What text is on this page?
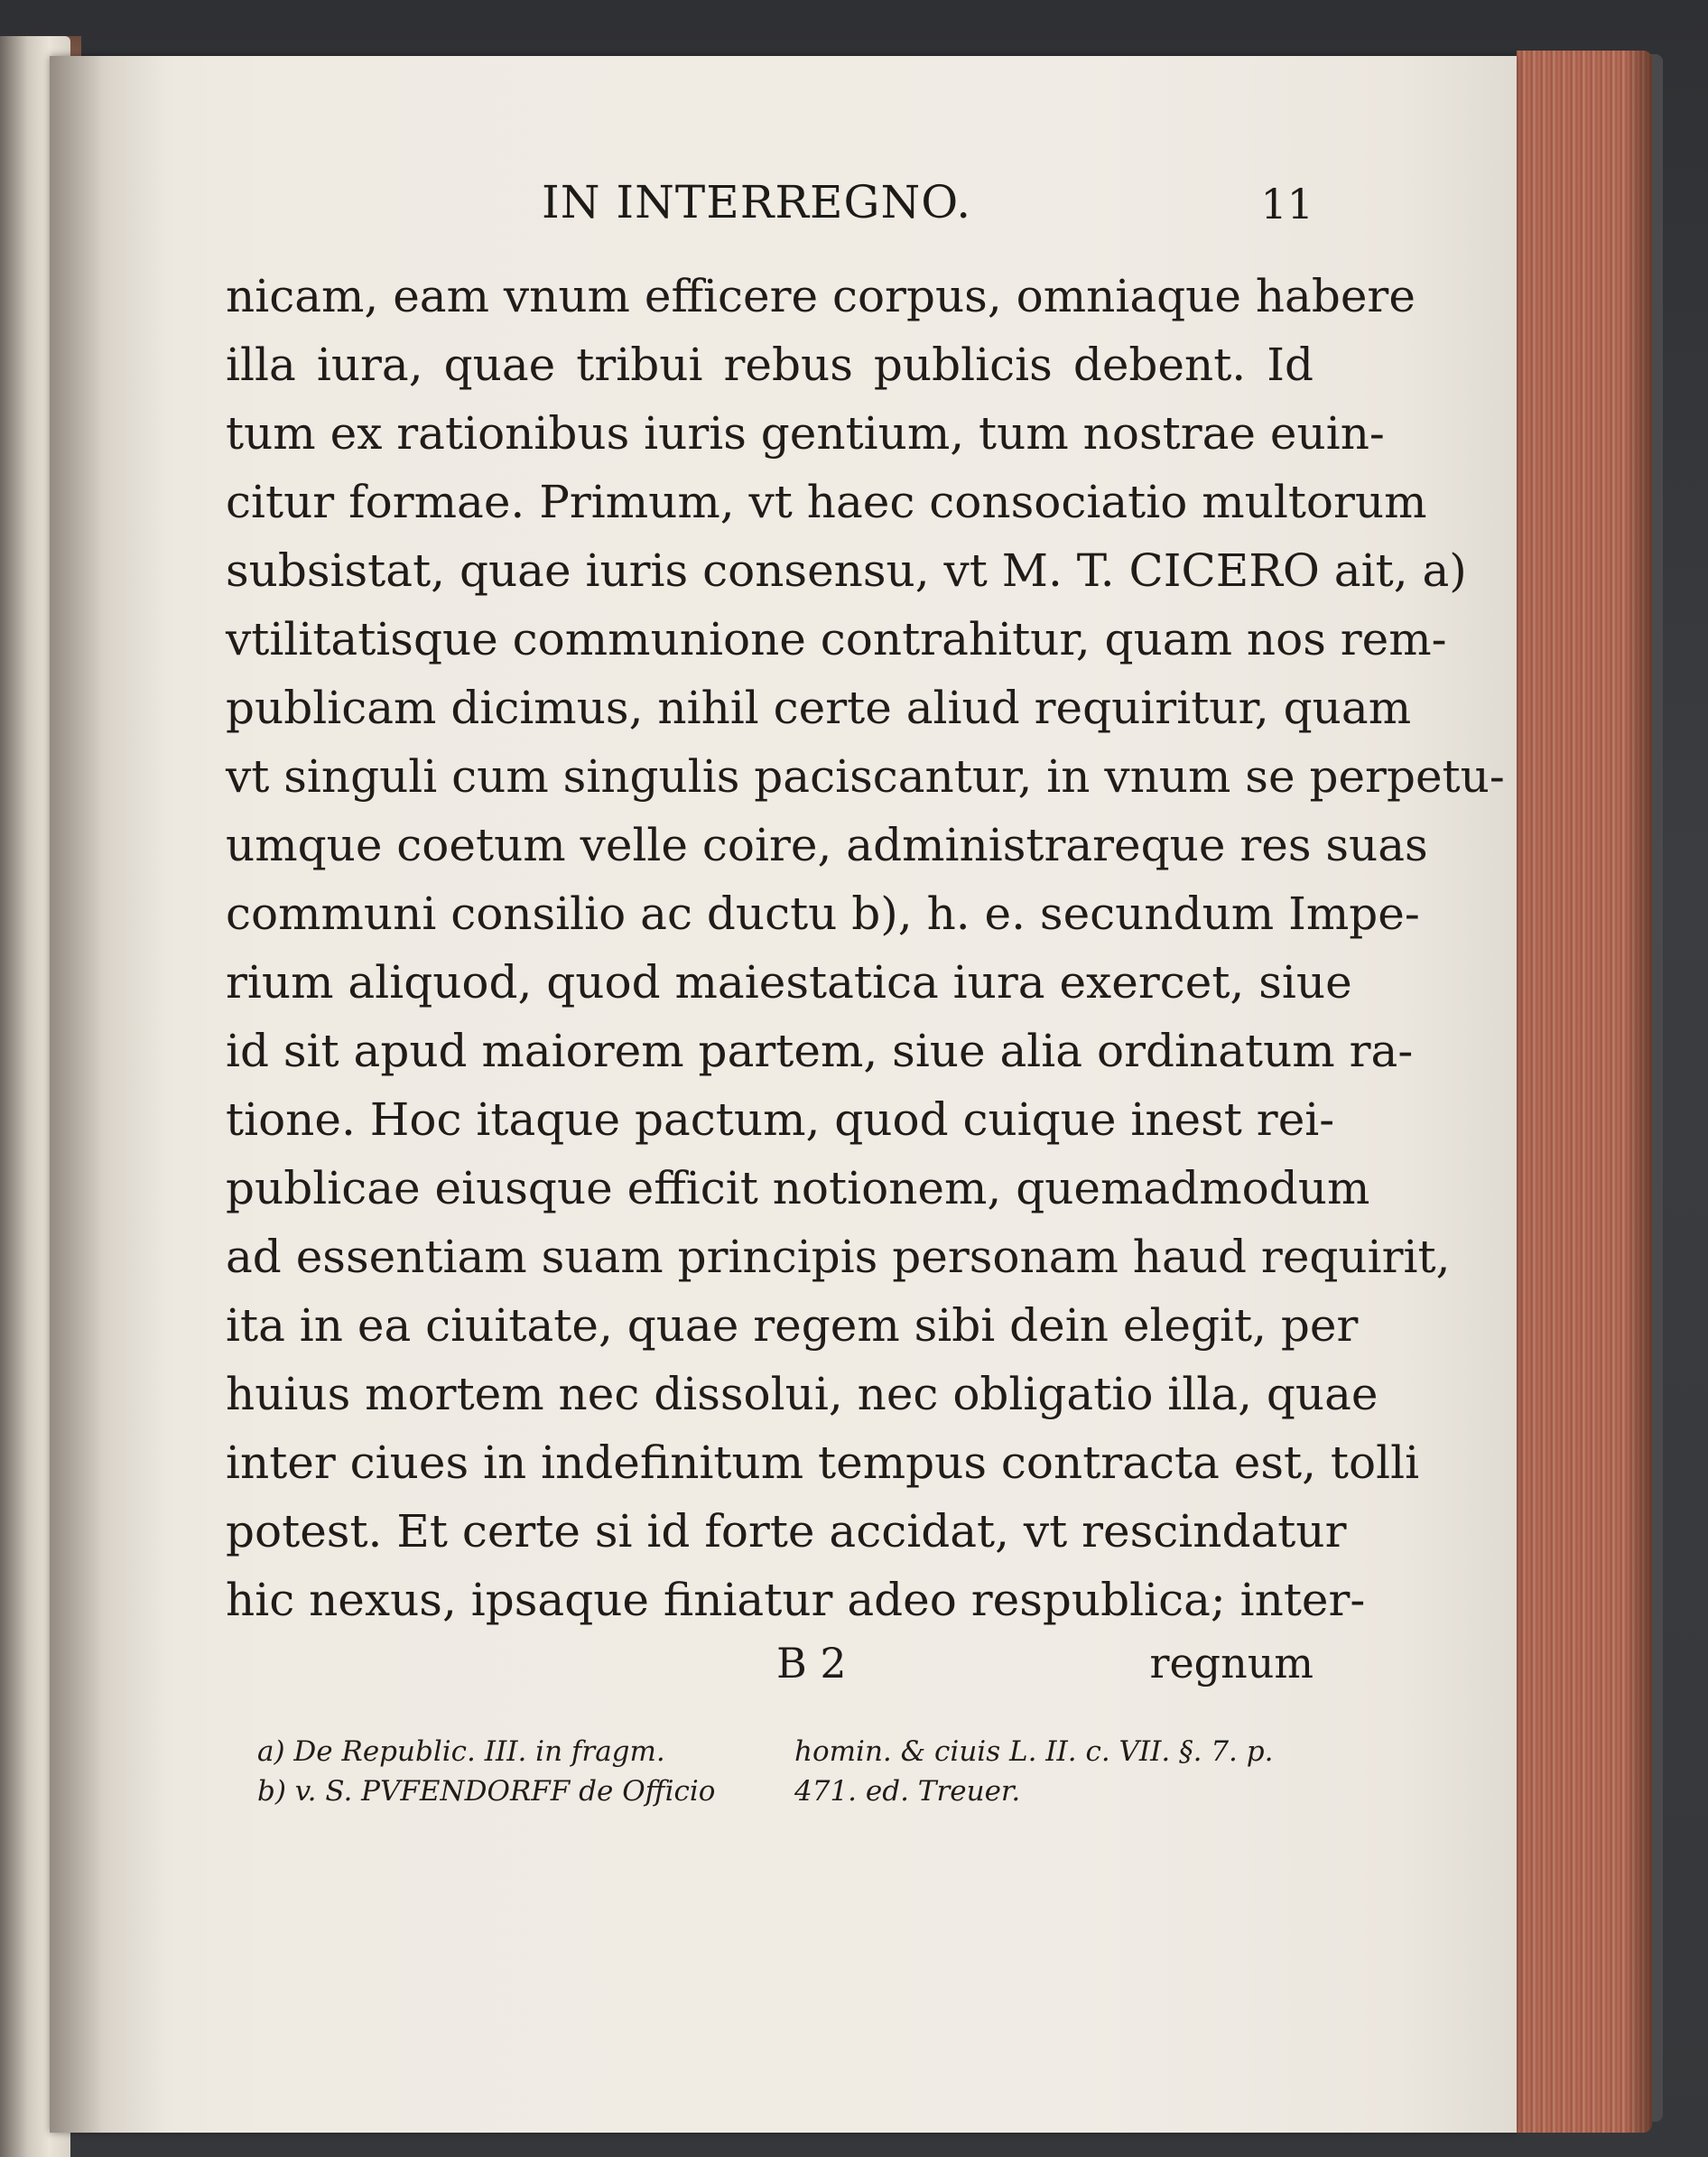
IN INTERREGNO.	11
nicam, eam vnum efficere corpus, omniaque habere
illa iura, quae tribui rebus publicis debent. Id
tum ex rationibus iuris gentium, tum nostrae euin-
citur formae. Primum, vt haec consociatio multorum
subsistat, quae iuris consensu, vt M. T. CICERO ait, a)
vtilitatisque communione contrahitur, quam nos rem-
publicam dicimus, nihil certe aliud requiritur, quam
vt singuli cum singulis paciscantur, in vnum se perpetu-
umque coetum velle coire, administrareque res suas
communi consilio ac ductu b), h. e. secundum Impe-
rium aliquod, quod maiestatica iura exercet, siue
id sit apud maiorem partem, siue alia ordinatum ra-
tione. Hoc itaque pactum, quod cuique inest rei-
publicae eiusque efficit notionem, quemadmodum
ad essentiam suam principis personam haud requirit,
ita in ea ciuitate, quae regem sibi dein elegit, per
huius mortem nec dissolui, nec obligatio illa, quae
inter ciues in indefinitum tempus contracta est, tolli
potest. Et certe si id forte accidat, vt rescindatur
hic nexus, ipsaque finiatur adeo respublica; inter-
B 2	regnum
a) De Republic. III. in fragm.
b) v. S. PVFENDORFF de Officio
homin. & ciuis L. II. c. VII. §. 7. p.
471. ed. Treuer.
